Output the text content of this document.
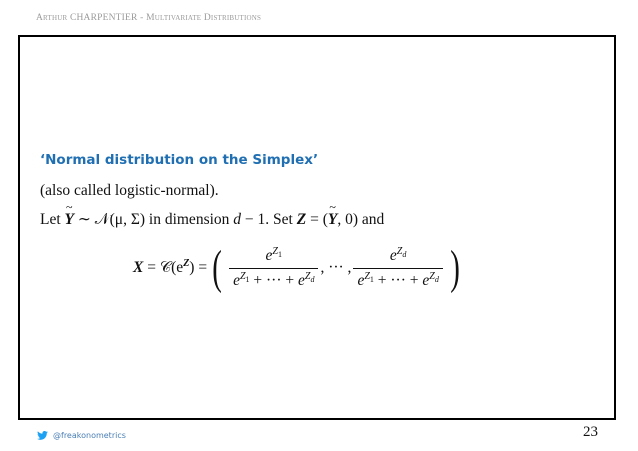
Arthur CHARPENTIER - Multivariate Distributions
‘Normal distribution on the Simplex’
(also called logistic-normal).
Let Y ~ ∼ 𝒩(μ, Σ) in dimension d − 1. Set Z = (Y ~, 0) and
X
=
$𝒞(e^Z)$ = ( $\frac{e^{Z_1}}{e^{Z_1} + \cdot\cdot\cdot + e^{Z_d}}$ , ··· , $\frac{e^{Z_d}}{e^{Z_1} + \cdot\cdot\cdot + e^{Z_d}}$ )
@freakonometrics	23
